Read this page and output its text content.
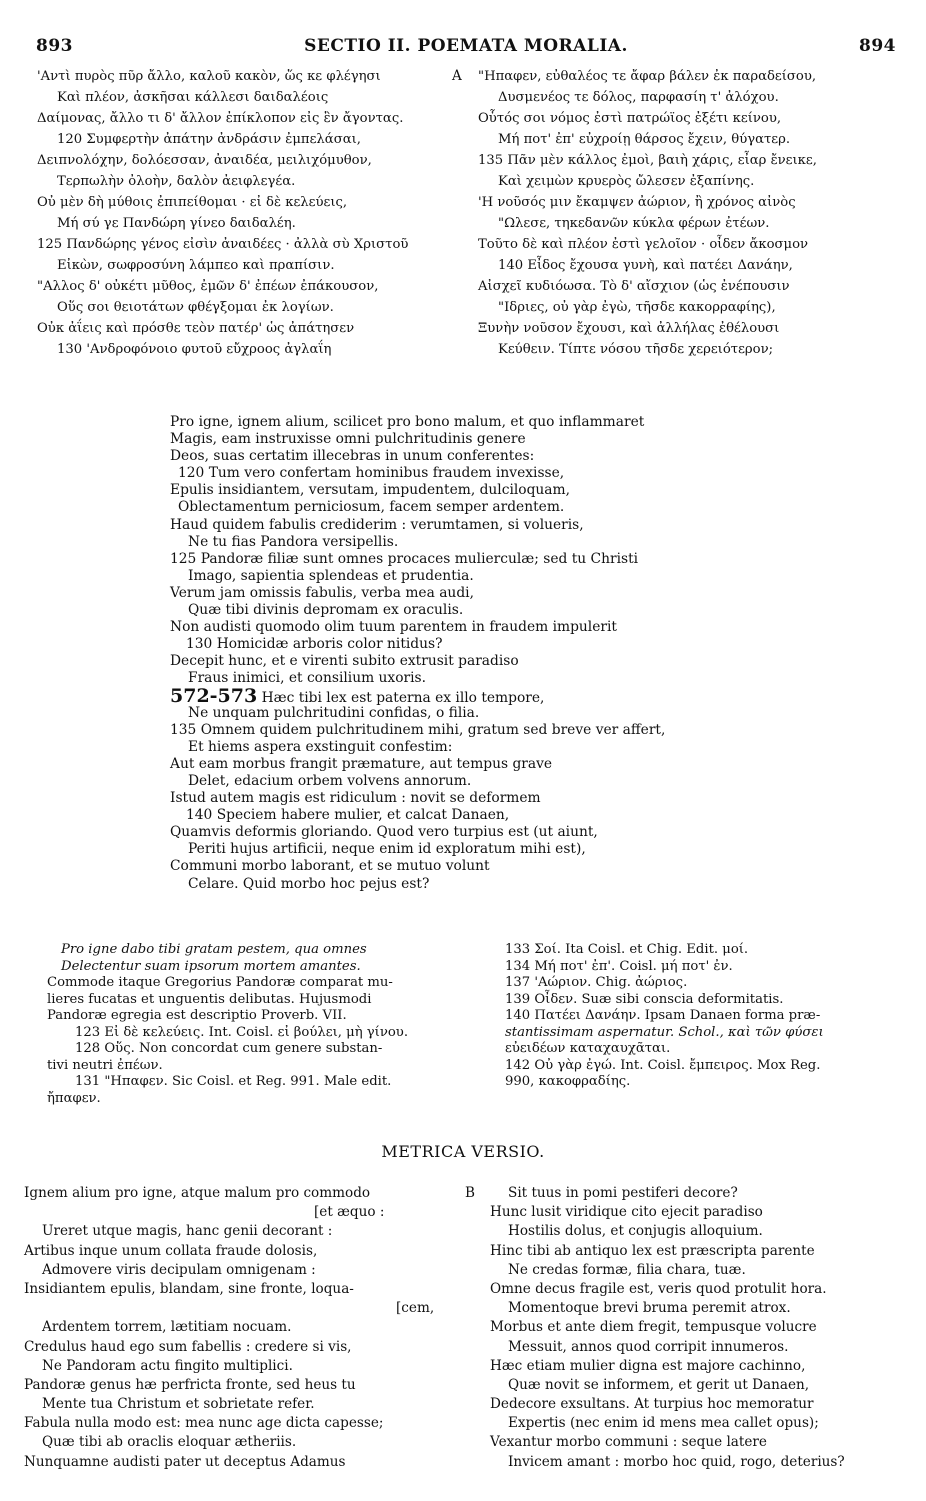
893	SECTIO II. POEMATA MORALIA.	894
'Αντὶ πυρὸς πῦρ ἄλλο, καλοῦ κακὸν, ὥς κε φλέγησι
Καὶ πλέον, ἀσκῆσαι κάλλεσι δαιδαλέοις
Δαίμονας, ἄλλο τι δ' ἄλλον ἐπίκλοπον εἰς ἓν ἄγοντας.
120 Συμφερτὴν ἀπάτην ἀνδράσιν ἐμπελάσαι,
Δειπνολόχην, δολόεσσαν, ἀναιδέα, μειλιχόμυθον,
Τερπωλὴν ὀλοὴν, δαλὸν ἀειφλεγέα.
Οὐ μὲν δὴ μύθοις ἐπιπείθομαι · εἰ δὲ κελεύεις,
Μή σύ γε Πανδώρη γίνεο δαιδαλέη.
125 Πανδώρης γένος εἰσὶν ἀναιδέες · ἀλλὰ σὺ Χριστοῦ
Εἰκὼν, σωφροσύνη λάμπεο καὶ πραπίσιν.
"Αλλος δ' οὐκέτι μῦθος, ἐμῶν δ' ἐπέων ἐπάκουσον,
Οὕς σοι θειοτάτων φθέγξομαι ἐκ λογίων.
Οὐκ ἀΐεις καὶ πρόσθε τεὸν πατέρ' ὡς ἀπάτησεν
130 'Ανδροφόνοιο φυτοῦ εὔχροος ἀγλαΐη
A "Ηπαφεν, εὐθαλέος τε ἄφαρ βάλεν ἐκ παραδείσου,
Δυσμενέος τε δόλος, παρφασίη τ' ἀλόχου.
Οὗτός σοι νόμος ἐστὶ πατρώϊος ἐξέτι κείνου,
Μή ποτ' ἐπ' εὐχροίῃ θάρσος ἔχειν, θύγατερ.
135 Πᾶν μὲν κάλλος ἐμοὶ, βαιὴ χάρις, εἶαρ ἔνεικε,
Καὶ χειμὼν κρυερὸς ὤλεσεν ἐξαπίνης.
'Η νοῦσός μιν ἔκαμψεν ἀώριον, ἢ χρόνος αἰνὸς
"Ωλεσε, τηκεδανῶν κύκλα φέρων ἐτέων.
Τοῦτο δὲ καὶ πλέον ἐστὶ γελοῖον · οἶδεν ἄκοσμον
140 Εἶδος ἔχουσα γυνὴ, καὶ πατέει Δανάην,
Αἰσχεῖ κυδιόωσα. Τὸ δ' αἴσχιον (ὡς ἐνέπουσιν
"Ιδριες, οὐ γὰρ ἐγὼ, τῆσδε κακορραφίης),
Ξυνὴν νοῦσον ἔχουσι, καὶ ἀλλήλας ἐθέλουσι
Κεύθειν. Τίπτε νόσου τῆσδε χερειότερον;
Pro igne, ignem alium, scilicet pro bono malum, et quo inflammaret
Magis, eam instruxisse omni pulchritudinis genere
Deos, suas certatim illecebras in unum conferentes:
120 Tum vero confertam hominibus fraudem invexisse,
Epulis insidiantem, versutam, impudentem, dulciloquam,
Oblectamentum perniciosum, facem semper ardentem.
Haud quidem fabulis crediderim : verumtamen, si volueris,
Ne tu fias Pandora versipellis.
125 Pandoræ filiæ sunt omnes procaces mulierculæ; sed tu Christi
Imago, sapientia splendeas et prudentia.
Verum jam omissis fabulis, verba mea audi,
Quæ tibi divinis depromam ex oraculis.
Non audisti quomodo olim tuum parentem in fraudem impulerit
130 Homicidæ arboris color nitidus?
Decepit hunc, et e virenti subito extrusit paradiso
Fraus inimici, et consilium uxoris.
572-573 Hæc tibi lex est paterna ex illo tempore,
Ne unquam pulchritudini confidas, o filia.
135 Omnem quidem pulchritudinem mihi, gratum sed breve ver affert,
Et hiems aspera exstinguit confestim:
Aut eam morbus frangit præmature, aut tempus grave
Delet, edacium orbem volvens annorum.
Istud autem magis est ridiculum : novit se deformem
140 Speciem habere mulier, et calcat Danaen,
Quamvis deformis gloriando. Quod vero turpius est (ut aiunt,
Periti hujus artificii, neque enim id exploratum mihi est),
Communi morbo laborant, et se mutuo volunt
Celare. Quid morbo hoc pejus est?
Pro igne dabo tibi gratam pestem, qua omnes
Delectentur suam ipsorum mortem amantes.
Commode itaque Gregorius Pandoræ comparat mu-
lieres fucatas et unguentis delibutas. Hujusmodi
Pandoræ egregia est descriptio Proverb. VII.
123 Εἰ δὲ κελεύεις. Int. Coisl. εἰ βούλει, μὴ γίνου.
128 Οὕς. Non concordat cum genere substan-
tivi neutri ἐπέων.
131 "Ηπαφεν. Sic Coisl. et Reg. 991. Male edit.
ἤπαφεν.
133 Σοί. Ita Coisl. et Chig. Edit. μοί.
134 Μή ποτ' ἐπ'. Coisl. μή ποτ' ἐν.
137 'Αώριον. Chig. ἀώριος.
139 Οἶδεν. Suæ sibi conscia deformitatis.
140 Πατέει Δανάην. Ipsam Danaen forma præ-
stantissimam aspernatur. Schol., καὶ τῶν φύσει
εὐειδέων καταχαυχᾶται.
142 Οὐ γὰρ ἐγώ. Int. Coisl. ἔμπειρος. Mox Reg.
990, κακοφραδίης.
METRICA VERSIO.
Ignem alium pro igne, atque malum pro commodo
[et æquo :
Ureret utque magis, hanc genii decorant :
Artibus inque unum collata fraude dolosis,
Admovere viris decipulam omnigenam :
Insidiantem epulis, blandam, sine fronte, loqua-
[cem,
Ardentem torrem, lætitiam nocuam.
Credulus haud ego sum fabellis : credere si vis,
Ne Pandoram actu fingito multiplici.
Pandoræ genus hæ perfricta fronte, sed heus tu
Mente tua Christum et sobrietate refer.
Fabula nulla modo est: mea nunc age dicta capesse;
Quæ tibi ab oraclis eloquar ætheriis.
Nunquamne audisti pater ut deceptus Adamus
B	Sit tuus in pomi pestiferi decore?
Hunc lusit viridique cito ejecit paradiso
Hostilis dolus, et conjugis alloquium.
Hinc tibi ab antiquo lex est præscripta parente
Ne credas formæ, filia chara, tuæ.
Omne decus fragile est, veris quod protulit hora.
Momentoque brevi bruma peremit atrox.
Morbus et ante diem fregit, tempusque volucre
Messuit, annos quod corripit innumeros.
Hæc etiam mulier digna est majore cachinno,
Quæ novit se informem, et gerit ut Danaen,
Dedecore exsultans. At turpius hoc memoratur
Expertis (nec enim id mens mea callet opus);
Vexantur morbo communi : seque latere
Invicem amant : morbo hoc quid, rogo, deterius?
